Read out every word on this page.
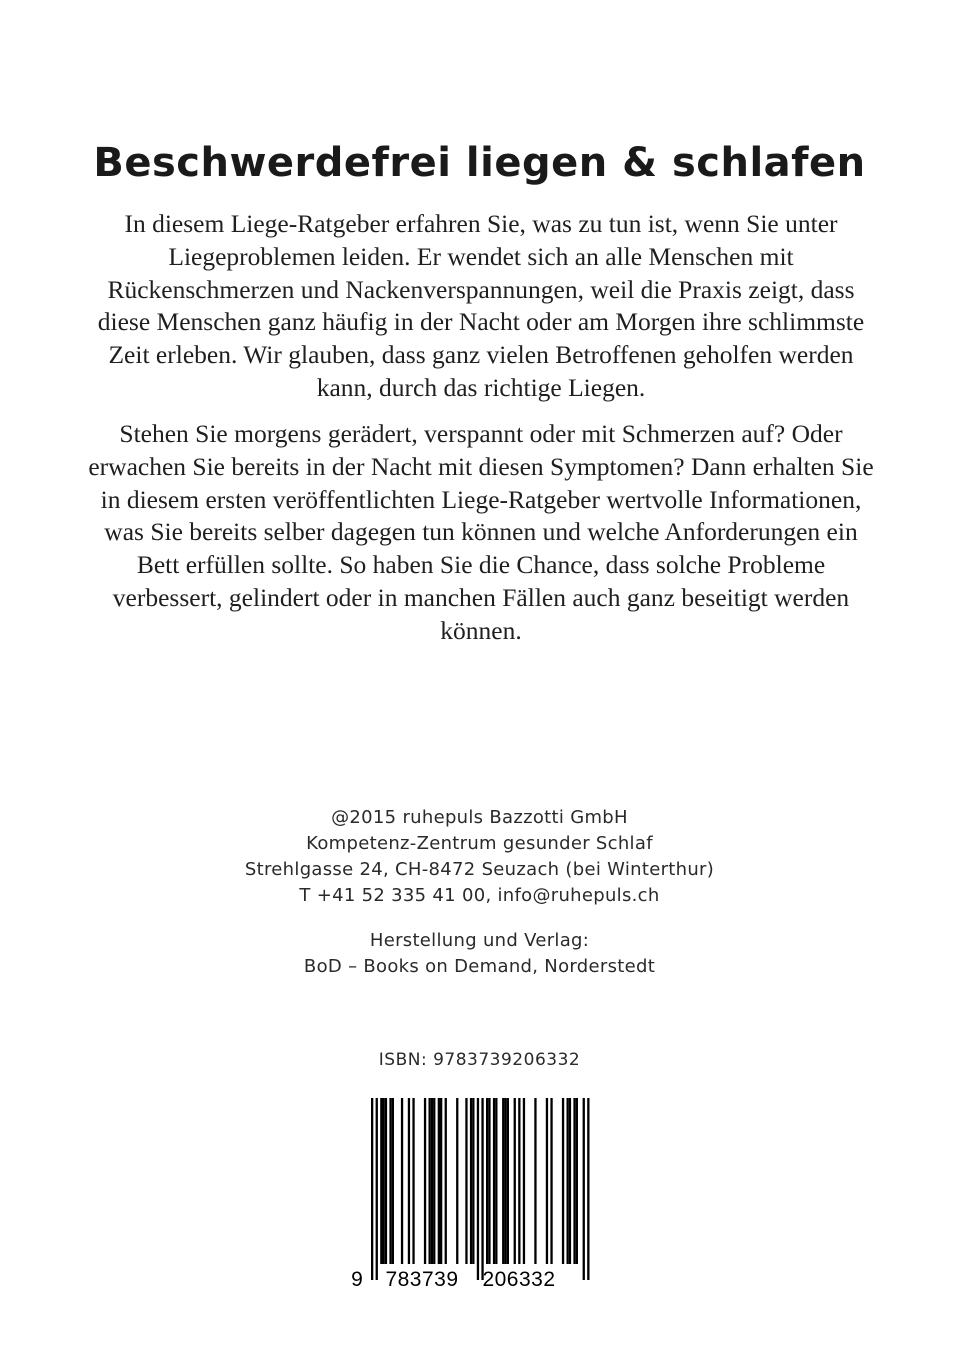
Beschwerdefrei liegen & schlafen
In diesem Liege-Ratgeber erfahren Sie, was zu tun ist, wenn Sie unter
Liegeproblemen leiden. Er wendet sich an alle Menschen mit
Rückenschmerzen und Nackenverspannungen, weil die Praxis zeigt, dass
diese Menschen ganz häufig in der Nacht oder am Morgen ihre schlimmste
Zeit erleben. Wir glauben, dass ganz vielen Betroffenen geholfen werden
kann, durch das richtige Liegen.
Stehen Sie morgens gerädert, verspannt oder mit Schmerzen auf? Oder
erwachen Sie bereits in der Nacht mit diesen Symptomen? Dann erhalten Sie
in diesem ersten veröffentlichten Liege-Ratgeber wertvolle Informationen,
was Sie bereits selber dagegen tun können und welche Anforderungen ein
Bett erfüllen sollte. So haben Sie die Chance, dass solche Probleme
verbessert, gelindert oder in manchen Fällen auch ganz beseitigt werden
können.
@2015 ruhepuls Bazzotti GmbH
Kompetenz-Zentrum gesunder Schlaf
Strehlgasse 24, CH-8472 Seuzach (bei Winterthur)
T +41 52 335 41 00, info@ruhepuls.ch
Herstellung und Verlag:
BoD – Books on Demand, Norderstedt
ISBN: 9783739206332
9 783739 206332
